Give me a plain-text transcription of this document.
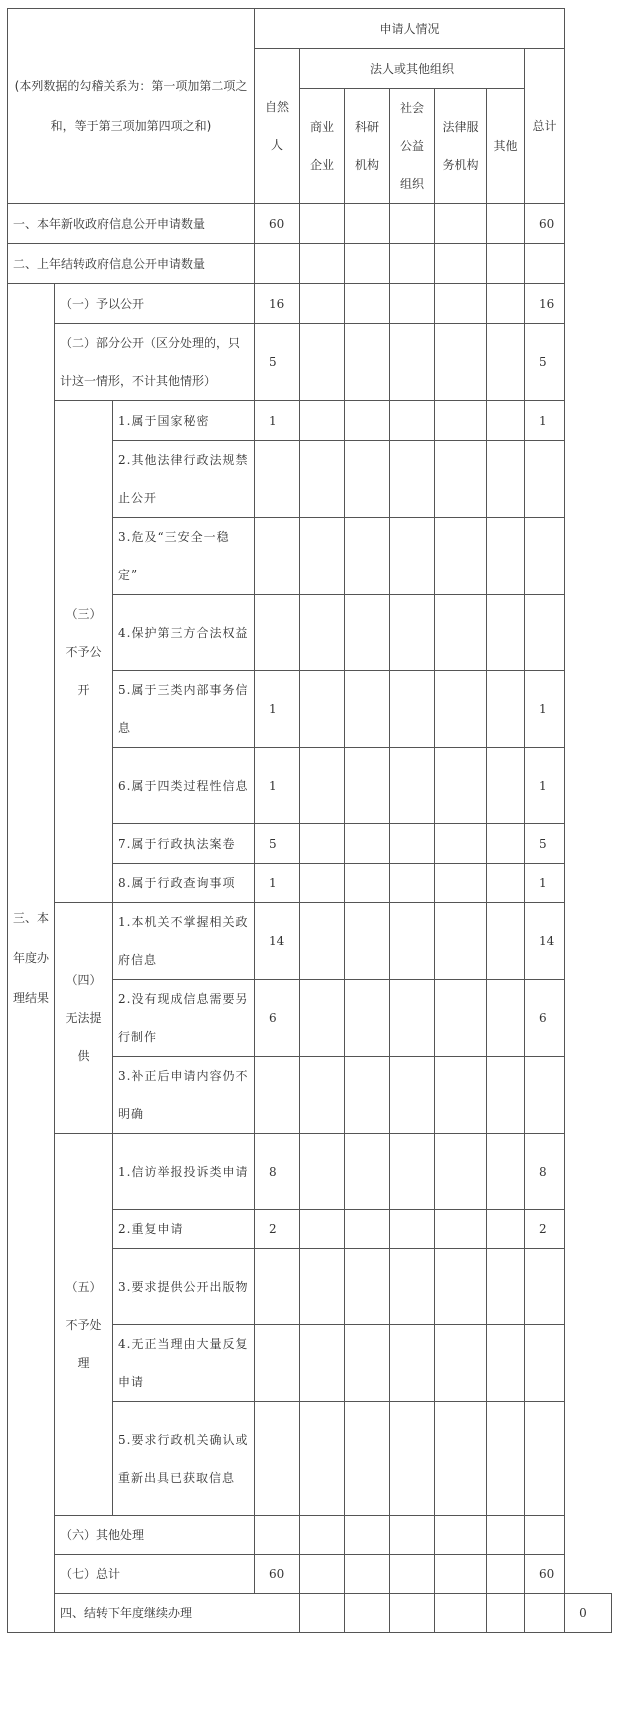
(本列数据的勾稽关系为：第一项加第二项之和，等于第三项加第四项之和)			申请人情况							
			自然人	法人或其他组织					总计	
				商业企业	科研机构	社会公益组织	法律服务机构	其他		
一、本年新收政府信息公开申请数量			60						60	
二、上年结转政府信息公开申请数量										
三、本年度办理结果	（一）予以公开		16						16	
	（二）部分公开（区分处理的，只计这一情形，不计其他情形）		5						5	
	（三）不予公开	1.属于国家秘密	1						1	
		2.其他法律行政法规禁止公开								
		3.危及“三安全一稳定”								
		4.保护第三方合法权益								
		5.属于三类内部事务信息	1						1	
		6.属于四类过程性信息	1						1	
		7.属于行政执法案卷	5						5	
		8.属于行政查询事项	1						1	
	（四）无法提供	1.本机关不掌握相关政府信息	14						14	
		2.没有现成信息需要另行制作	6						6	
		3.补正后申请内容仍不明确								
	（五）不予处理	1.信访举报投诉类申请	8						8	
		2.重复申请	2						2	
		3.要求提供公开出版物								
		4.无正当理由大量反复申请								
		5.要求行政机关确认或重新出具已获取信息								
	（六）其他处理									
	（七）总计		60						60	
	四、结转下年度继续办理									0
